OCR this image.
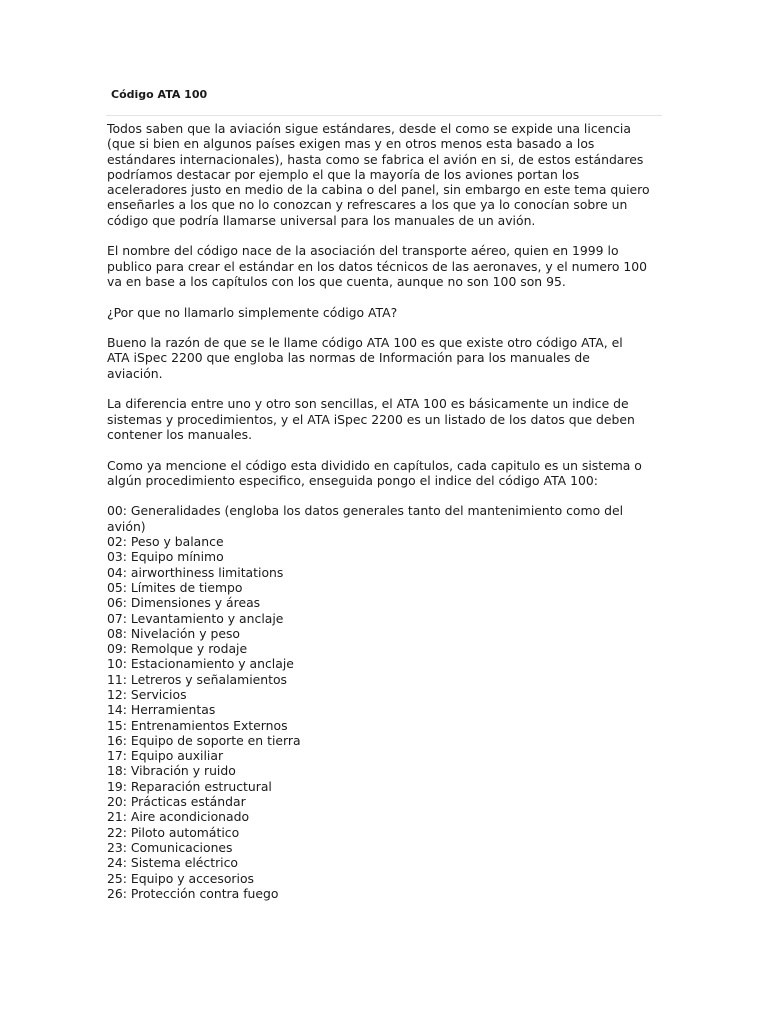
Código ATA 100

Todos saben que la aviación sigue estándares, desde el como se expide una licencia
(que si bien en algunos países exigen mas y en otros menos esta basado a los
estándares internacionales), hasta como se fabrica el avión en si, de estos estándares
podríamos destacar por ejemplo el que la mayoría de los aviones portan los
aceleradores justo en medio de la cabina o del panel, sin embargo en este tema quiero
enseñarles a los que no lo conozcan y refrescares a los que ya lo conocían sobre un
código que podría llamarse universal para los manuales de un avión.

El nombre del código nace de la asociación del transporte aéreo, quien en 1999 lo
publico para crear el estándar en los datos técnicos de las aeronaves, y el numero 100
va en base a los capítulos con los que cuenta, aunque no son 100 son 95.

¿Por que no llamarlo simplemente código ATA?

Bueno la razón de que se le llame código ATA 100 es que existe otro código ATA, el
ATA iSpec 2200 que engloba las normas de Información para los manuales de
aviación.

La diferencia entre uno y otro son sencillas, el ATA 100 es básicamente un indice de
sistemas y procedimientos, y el ATA iSpec 2200 es un listado de los datos que deben
contener los manuales.

Como ya mencione el código esta dividido en capítulos, cada capitulo es un sistema o
algún procedimiento especifico, enseguida pongo el indice del código ATA 100:

00: Generalidades (engloba los datos generales tanto del mantenimiento como del
avión)
02: Peso y balance
03: Equipo mínimo
04: airworthiness limitations
05: Límites de tiempo
06: Dimensiones y áreas
07: Levantamiento y anclaje
08: Nivelación y peso
09: Remolque y rodaje
10: Estacionamiento y anclaje
11: Letreros y señalamientos
12: Servicios
14: Herramientas
15: Entrenamientos Externos
16: Equipo de soporte en tierra
17: Equipo auxiliar
18: Vibración y ruido
19: Reparación estructural
20: Prácticas estándar
21: Aire acondicionado
22: Piloto automático
23: Comunicaciones
24: Sistema eléctrico
25: Equipo y accesorios
26: Protección contra fuego
